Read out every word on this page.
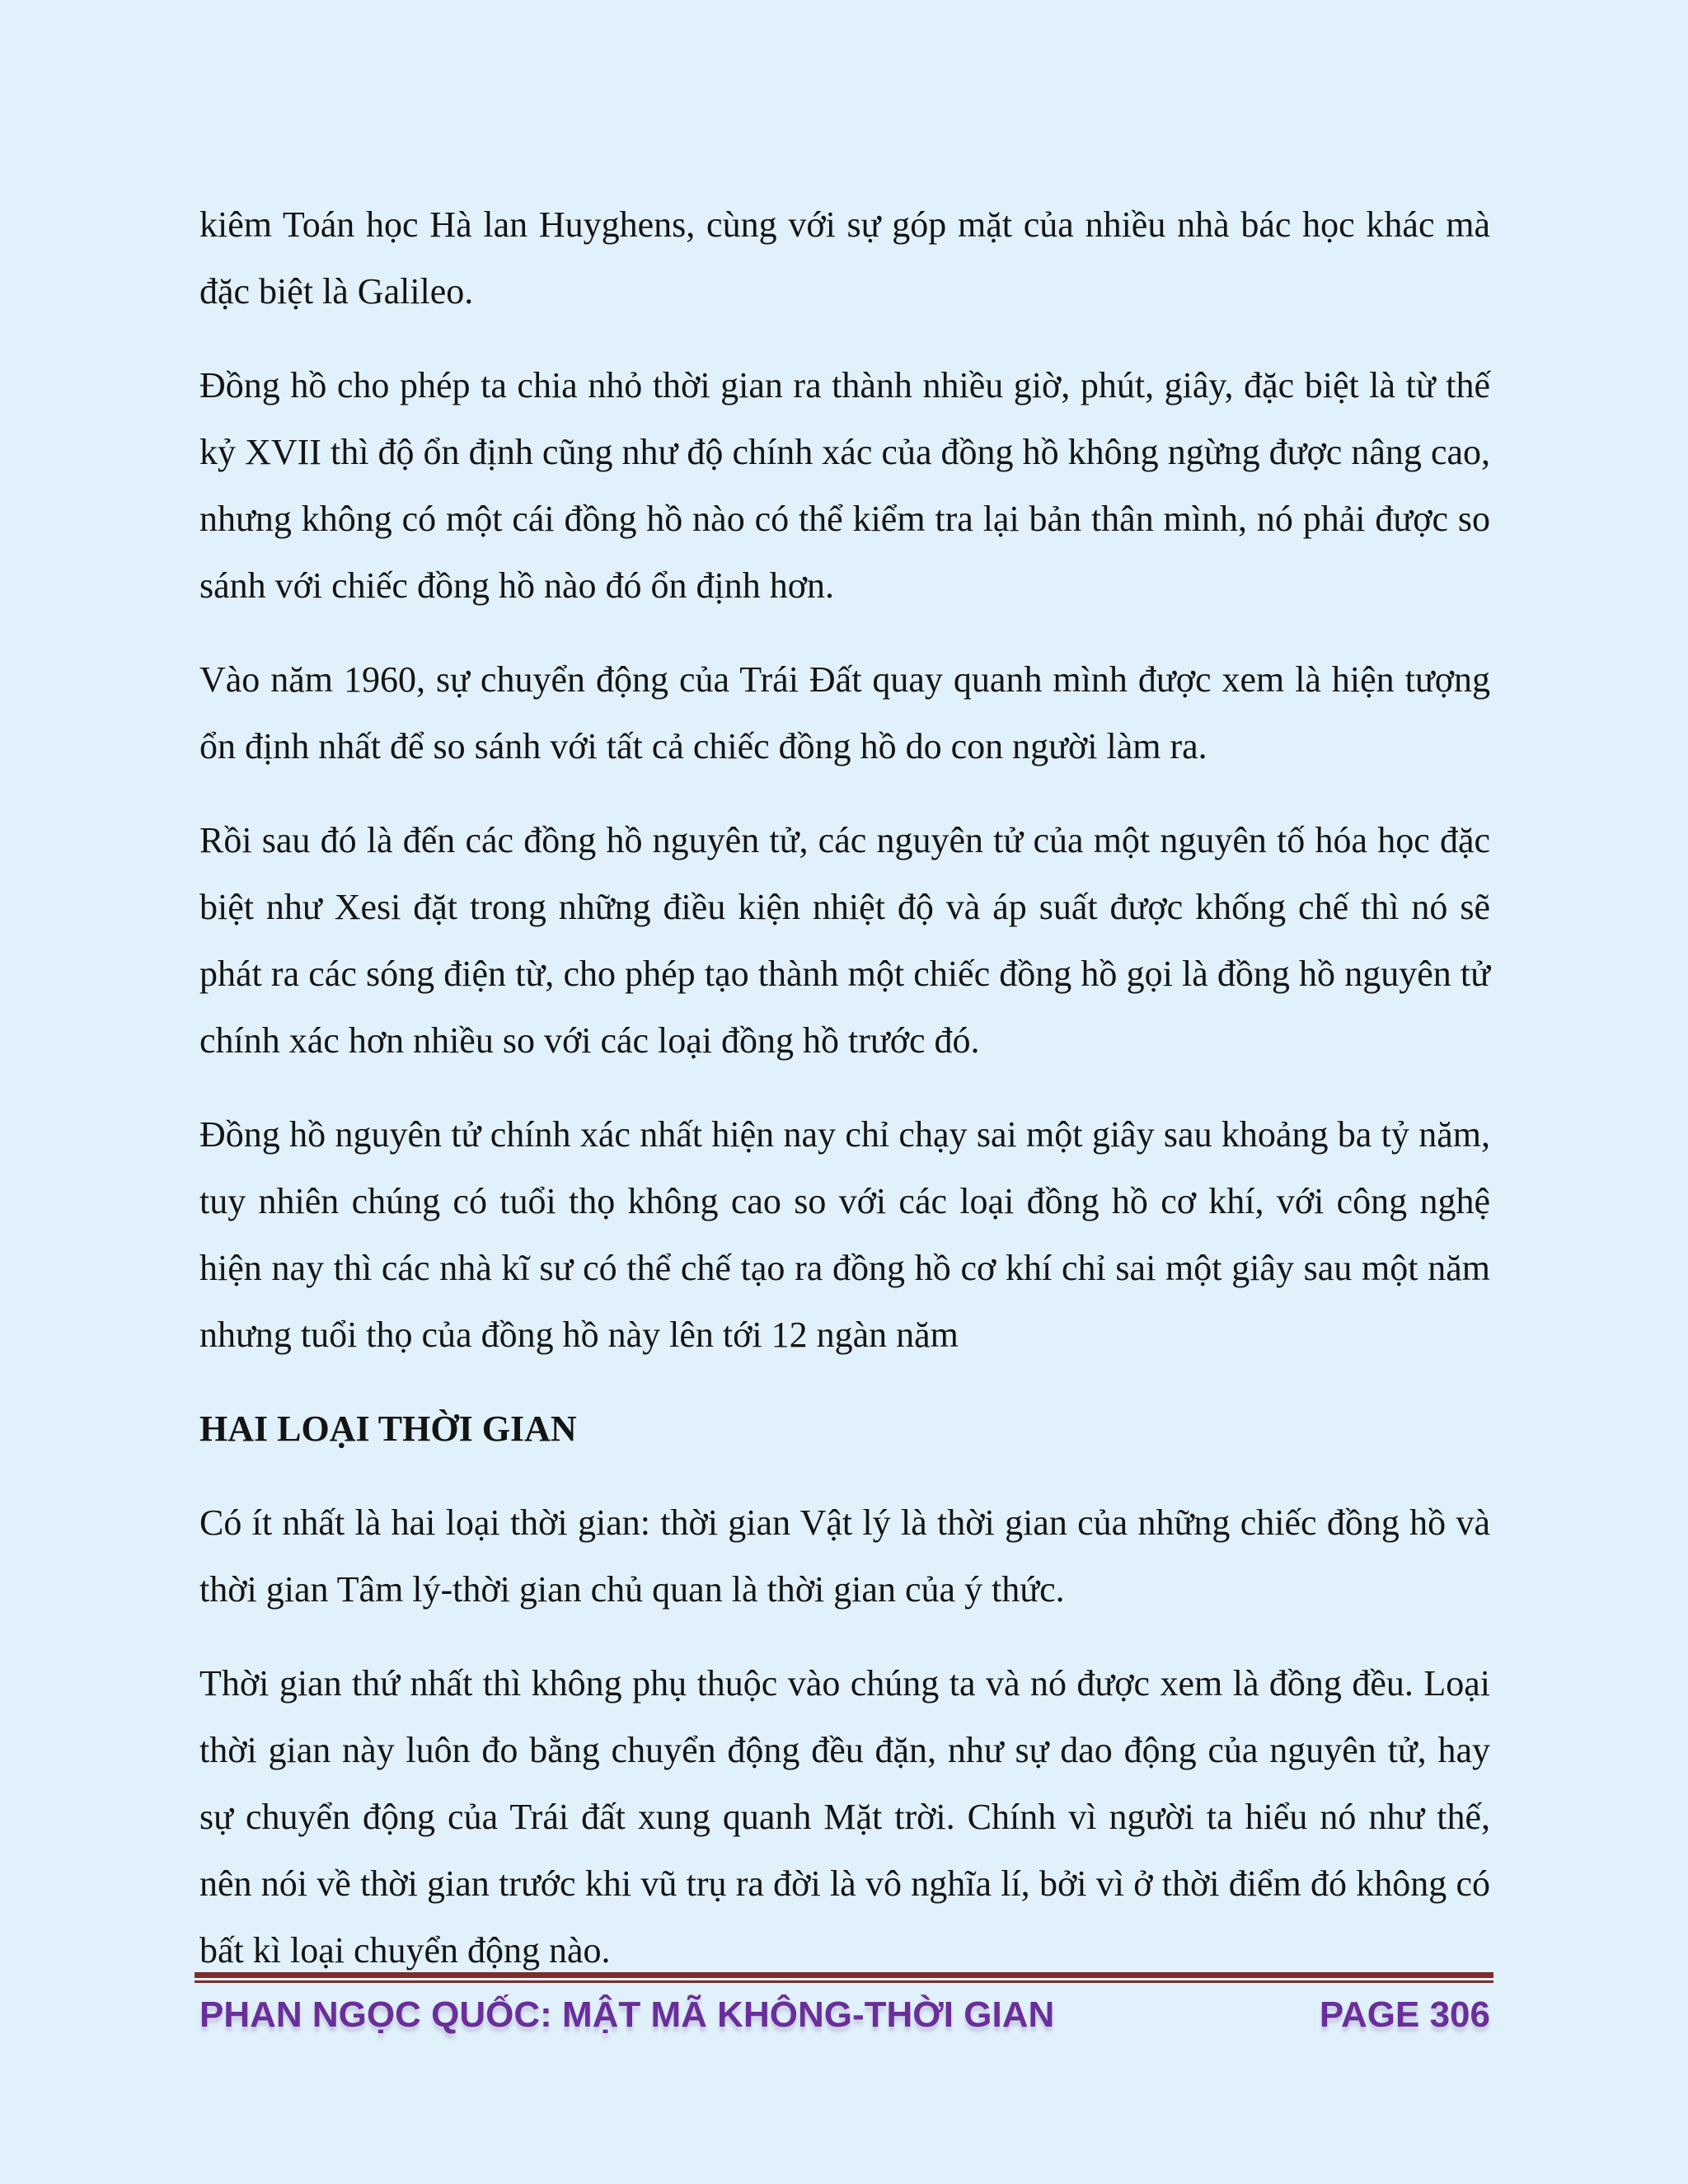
kiêm Toán học Hà lan Huyghens, cùng với sự góp mặt của nhiều nhà bác học khác mà đặc biệt là Galileo.

Đồng hồ cho phép ta chia nhỏ thời gian ra thành nhiều giờ, phút, giây, đặc biệt là từ thế kỷ XVII thì độ ổn định cũng như độ chính xác của đồng hồ không ngừng được nâng cao, nhưng không có một cái đồng hồ nào có thể kiểm tra lại bản thân mình, nó phải được so sánh với chiếc đồng hồ nào đó ổn định hơn.

Vào năm 1960, sự chuyển động của Trái Đất quay quanh mình được xem là hiện tượng ổn định nhất để so sánh với tất cả chiếc đồng hồ do con người làm ra.

Rồi sau đó là đến các đồng hồ nguyên tử, các nguyên tử của một nguyên tố hóa học đặc biệt như Xesi đặt trong những điều kiện nhiệt độ và áp suất được khống chế thì nó sẽ phát ra các sóng điện từ, cho phép tạo thành một chiếc đồng hồ gọi là đồng hồ nguyên tử chính xác hơn nhiều so với các loại đồng hồ trước đó.

Đồng hồ nguyên tử chính xác nhất hiện nay chỉ chạy sai một giây sau khoảng ba tỷ năm, tuy nhiên chúng có tuổi thọ không cao so với các loại đồng hồ cơ khí, với công nghệ hiện nay thì các nhà kĩ sư có thể chế tạo ra đồng hồ cơ khí chỉ sai một giây sau một năm nhưng tuổi thọ của đồng hồ này lên tới 12 ngàn năm

HAI LOẠI THỜI GIAN

Có ít nhất là hai loại thời gian: thời gian Vật lý là thời gian của những chiếc đồng hồ và thời gian Tâm lý-thời gian chủ quan là thời gian của ý thức.

Thời gian thứ nhất thì không phụ thuộc vào chúng ta và nó được xem là đồng đều. Loại thời gian này luôn đo bằng chuyển động đều đặn, như sự dao động của nguyên tử, hay sự chuyển động của Trái đất xung quanh Mặt trời. Chính vì người ta hiểu nó như thế, nên nói về thời gian trước khi vũ trụ ra đời là vô nghĩa lí, bởi vì ở thời điểm đó không có bất kì loại chuyển động nào.

PHAN NGỌC QUỐC: MẬT MÃ KHÔNG-THỜI GIAN	PAGE 306
